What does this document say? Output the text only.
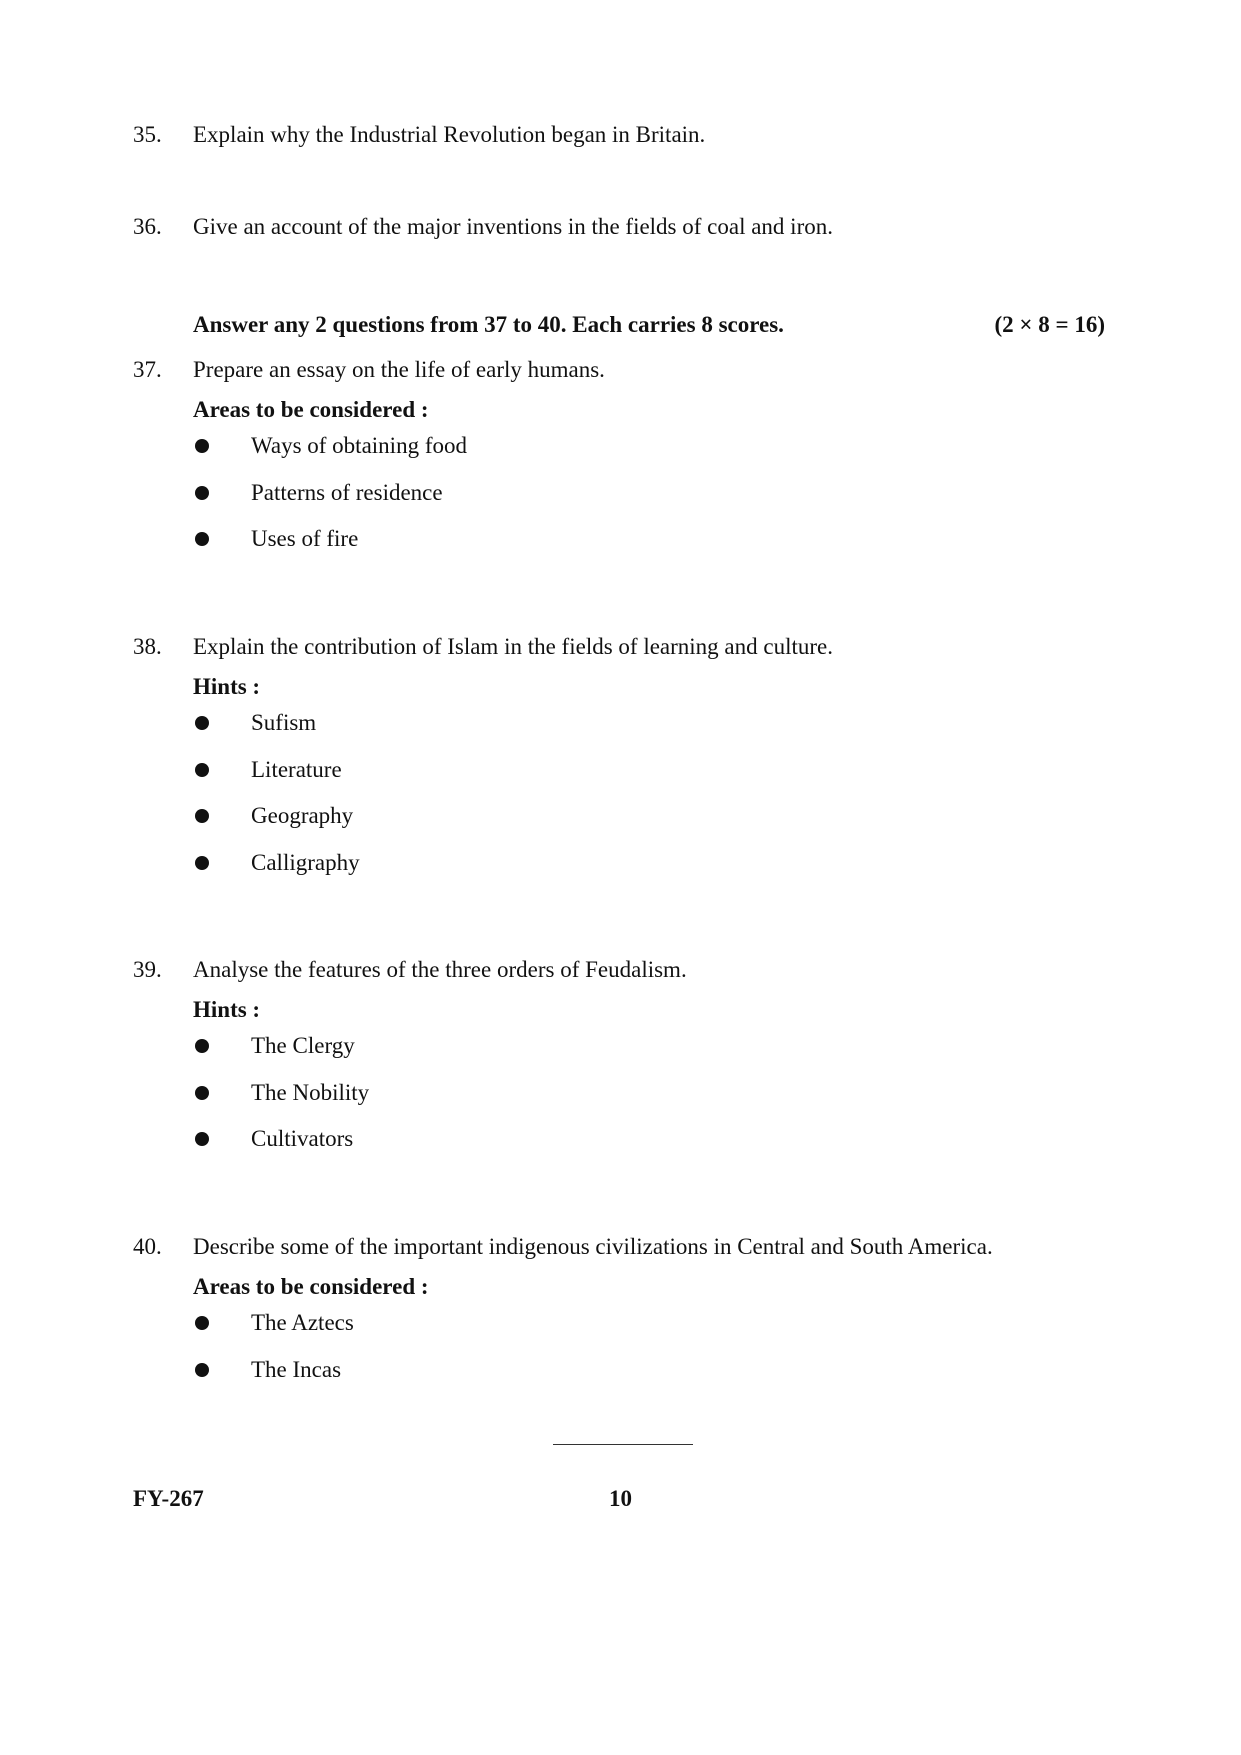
35.	Explain why the Industrial Revolution began in Britain.
36.	Give an account of the major inventions in the fields of coal and iron.
Answer any 2 questions from 37 to 40. Each carries 8 scores.	(2 × 8 = 16)
37.	Prepare an essay on the life of early humans.
Areas to be considered :
Ways of obtaining food
Patterns of residence
Uses of fire
38.	Explain the contribution of Islam in the fields of learning and culture.
Hints :
Sufism
Literature
Geography
Calligraphy
39.	Analyse the features of the three orders of Feudalism.
Hints :
The Clergy
The Nobility
Cultivators
40.	Describe some of the important indigenous civilizations in Central and South America.
Areas to be considered :
The Aztecs
The Incas
FY-267	10
